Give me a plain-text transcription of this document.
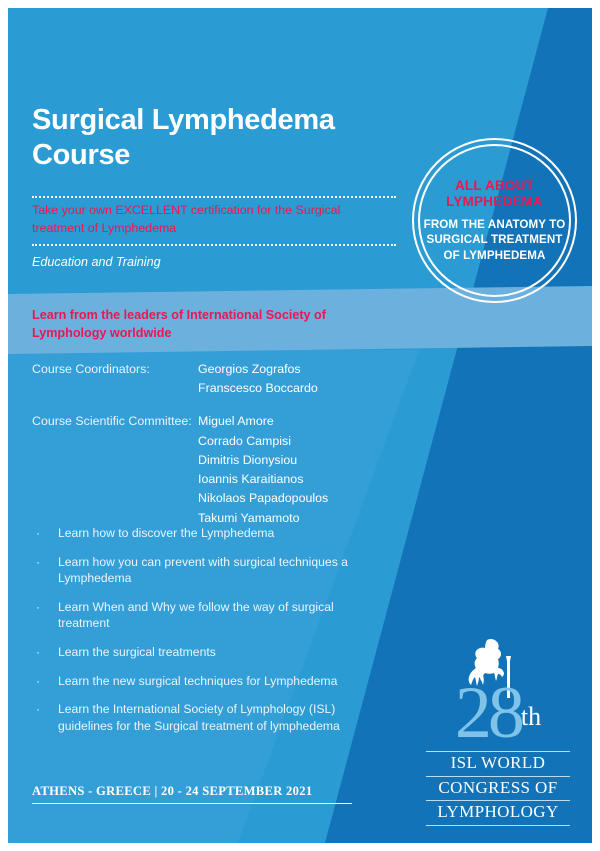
Surgical Lymphedema Course

Take your own EXCELLENT certification for the Surgical treatment of Lymphedema

Education and Training

ALL ABOUT LYMPHEDEMA
FROM THE ANATOMY TO SURGICAL TREATMENT OF LYMPHEDEMA

Learn from the leaders of International Society of Lymphology worldwide

Course Coordinators:	Georgios Zografos
Franscesco Boccardo
Course Scientific Committee: Miguel Amore
Corrado Campisi
Dimitris Dionysiou
Ioannis Karaitianos
Nikolaos Papadopoulos
Takumi Yamamoto
·	Learn how to discover the Lymphedema
·	Learn how you can prevent with surgical techniques a Lymphedema
·	Learn When and Why we follow the way of surgical treatment
·	Learn the surgical treatments
·	Learn the new surgical techniques for Lymphedema
·	Learn the International Society of Lymphology (ISL) guidelines for the Surgical treatment of lymphedema	28th
ISL WORLD
CONGRESS OF
LYMPHOLOGY
ATHENS - GREECE | 20 - 24 SEPTEMBER 2021
